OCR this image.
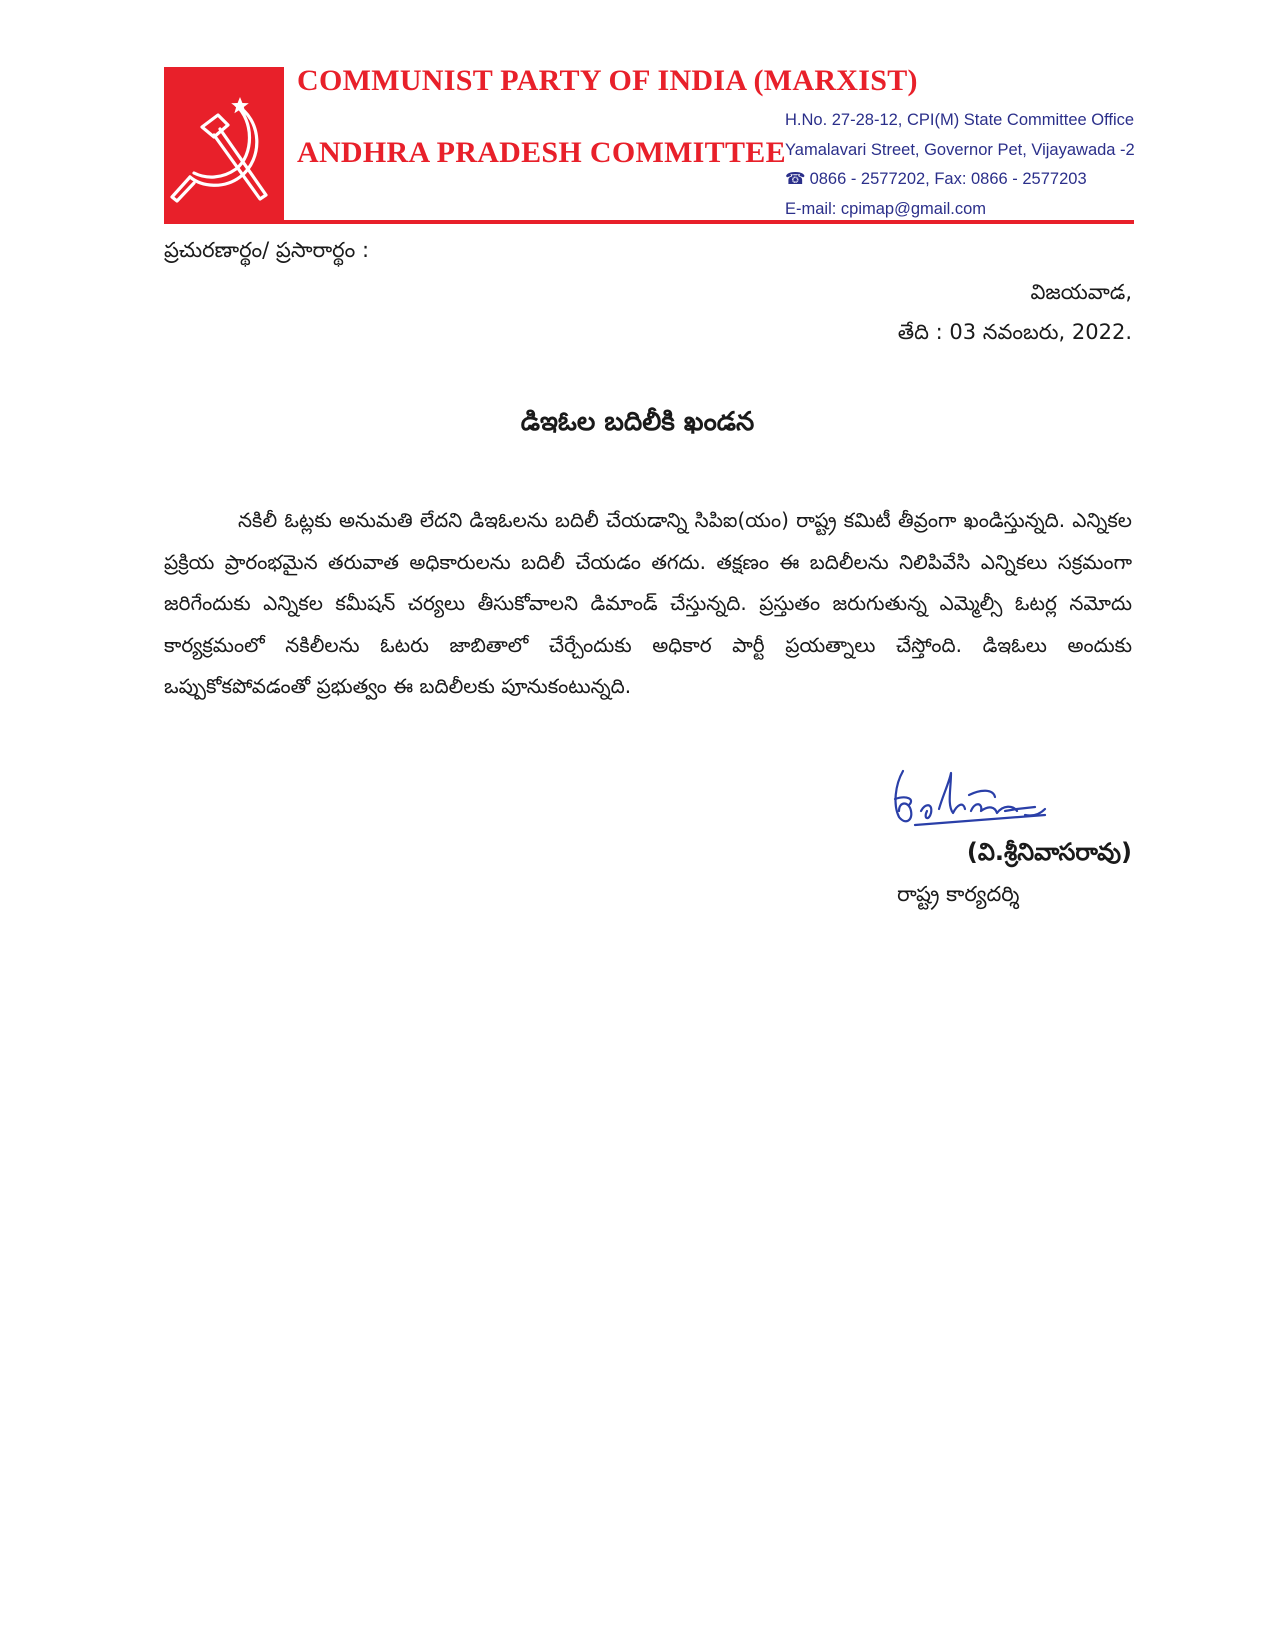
COMMUNIST PARTY OF INDIA (MARXIST)
ANDHRA PRADESH COMMITTEE
H.No. 27-28-12, CPI(M) State Committee Office
Yamalavari Street, Governor Pet, Vijayawada -2
☎ 0866 - 2577202, Fax: 0866 - 2577203
E-mail: cpimap@gmail.com
ప్రచురణార్థం/ ప్రసారార్థం :
విజయవాడ,
తేది : 03 నవంబరు, 2022.
డిఇఓల బదిలీకి ఖండన

నకిలీ ఓట్లకు అనుమతి లేదని డిఇఓలను బదిలీ చేయడాన్ని సిపిఐ(యం) రాష్ట్ర కమిటీ తీవ్రంగా ఖండిస్తున్నది. ఎన్నికల ప్రక్రియ ప్రారంభమైన తరువాత అధికారులను బదిలీ చేయడం తగదు. తక్షణం ఈ బదిలీలను నిలిపివేసి ఎన్నికలు సక్రమంగా జరిగేందుకు ఎన్నికల కమీషన్ చర్యలు తీసుకోవాలని డిమాండ్ చేస్తున్నది. ప్రస్తుతం జరుగుతున్న ఎమ్మెల్సీ ఓటర్ల నమోదు కార్యక్రమంలో నకిలీలను ఓటరు జాబితాలో చేర్చేందుకు అధికార పార్టీ ప్రయత్నాలు చేస్తోంది. డిఇఓలు అందుకు ఒప్పుకోకపోవడంతో ప్రభుత్వం ఈ బదిలీలకు పూనుకంటున్నది.

(వి.శ్రీనివాసరావు)
రాష్ట్ర కార్యదర్శి
